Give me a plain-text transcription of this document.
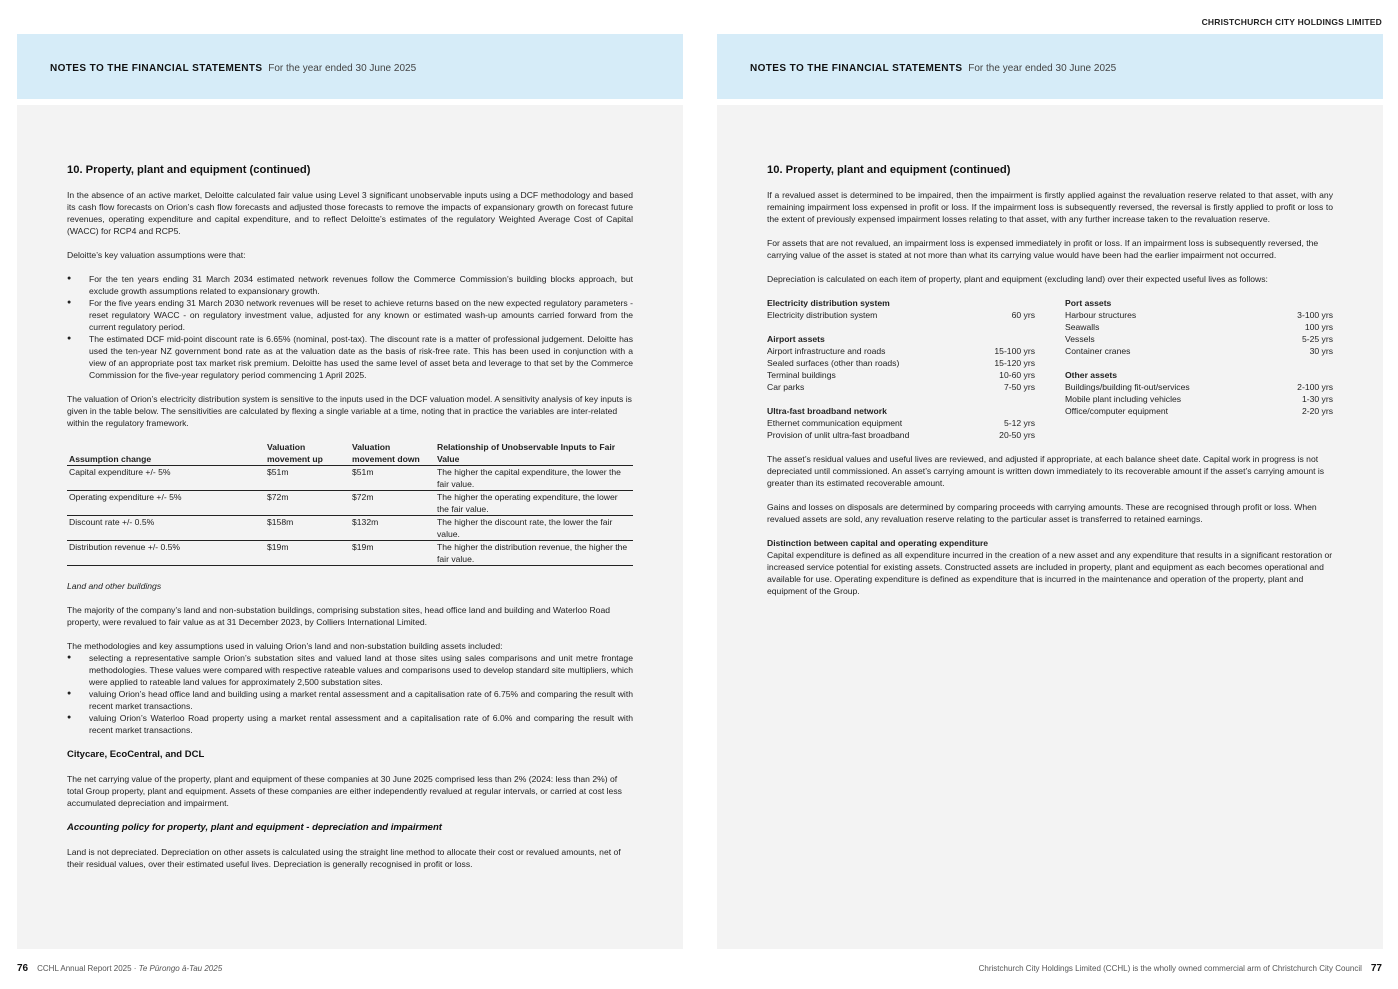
CHRISTCHURCH CITY HOLDINGS LIMITED
NOTES TO THE FINANCIAL STATEMENTS For the year ended 30 June 2025
10. Property, plant and equipment (continued)

In the absence of an active market, Deloitte calculated fair value using Level 3 significant unobservable inputs using a DCF methodology and based its cash flow forecasts on Orion’s cash flow forecasts and adjusted those forecasts to remove the impacts of expansionary growth on forecast future revenues, operating expenditure and capital expenditure, and to reflect Deloitte’s estimates of the regulatory Weighted Average Cost of Capital (WACC) for RCP4 and RCP5.

Deloitte’s key valuation assumptions were that:

● For the ten years ending 31 March 2034 estimated network revenues follow the Commerce Commission’s building blocks approach, but exclude growth assumptions related to expansionary growth.
● For the five years ending 31 March 2030 network revenues will be reset to achieve returns based on the new expected regulatory parameters - reset regulatory WACC - on regulatory investment value, adjusted for any known or estimated wash-up amounts carried forward from the current regulatory period.
● The estimated DCF mid-point discount rate is 6.65% (nominal, post-tax). The discount rate is a matter of professional judgement. Deloitte has used the ten-year NZ government bond rate as at the valuation date as the basis of risk-free rate. This has been used in conjunction with a view of an appropriate post tax market risk premium. Deloitte has used the same level of asset beta and leverage to that set by the Commerce Commission for the five-year regulatory period commencing 1 April 2025.

The valuation of Orion’s electricity distribution system is sensitive to the inputs used in the DCF valuation model. A sensitivity analysis of key inputs is given in the table below. The sensitivities are calculated by flexing a single variable at a time, noting that in practice the variables are inter-related within the regulatory framework.

Assumption change	Valuation movement up	Valuation movement down	Relationship of Unobservable Inputs to Fair Value
Capital expenditure +/- 5%	$51m	$51m	The higher the capital expenditure, the lower the fair value.
Operating expenditure +/- 5%	$72m	$72m	The higher the operating expenditure, the lower the fair value.
Discount rate +/- 0.5%	$158m	$132m	The higher the discount rate, the lower the fair value.
Distribution revenue +/- 0.5%	$19m	$19m	The higher the distribution revenue, the higher the fair value.

Land and other buildings

The majority of the company’s land and non-substation buildings, comprising substation sites, head office land and building and Waterloo Road property, were revalued to fair value as at 31 December 2023, by Colliers International Limited.

The methodologies and key assumptions used in valuing Orion’s land and non-substation building assets included:

● selecting a representative sample Orion’s substation sites and valued land at those sites using sales comparisons and unit metre frontage methodologies. These values were compared with respective rateable values and comparisons used to develop standard site multipliers, which were applied to rateable land values for approximately 2,500 substation sites.
● valuing Orion’s head office land and building using a market rental assessment and a capitalisation rate of 6.75% and comparing the result with recent market transactions.
● valuing Orion’s Waterloo Road property using a market rental assessment and a capitalisation rate of 6.0% and comparing the result with recent market transactions.
Citycare, EcoCentral, and DCL

The net carrying value of the property, plant and equipment of these companies at 30 June 2025 comprised less than 2% (2024: less than 2%) of total Group property, plant and equipment. Assets of these companies are either independently revalued at regular intervals, or carried at cost less accumulated depreciation and impairment.

Accounting policy for property, plant and equipment - depreciation and impairment

Land is not depreciated. Depreciation on other assets is calculated using the straight line method to allocate their cost or revalued amounts, net of their residual values, over their estimated useful lives. Depreciation is generally recognised in profit or loss.

NOTES TO THE FINANCIAL STATEMENTS For the year ended 30 June 2025
10. Property, plant and equipment (continued)

If a revalued asset is determined to be impaired, then the impairment is firstly applied against the revaluation reserve related to that asset, with any remaining impairment loss expensed in profit or loss. If the impairment loss is subsequently reversed, the reversal is firstly applied to profit or loss to the extent of previously expensed impairment losses relating to that asset, with any further increase taken to the revaluation reserve.

For assets that are not revalued, an impairment loss is expensed immediately in profit or loss. If an impairment loss is subsequently reversed, the carrying value of the asset is stated at not more than what its carrying value would have been had the earlier impairment not occurred.

Depreciation is calculated on each item of property, plant and equipment (excluding land) over their expected useful lives as follows:

Electricity distribution system
Electricity distribution system	60 yrs
Airport assets
Airport infrastructure and roads	15-100 yrs
Sealed surfaces (other than roads)	15-120 yrs
Terminal buildings	10-60 yrs
Car parks	7-50 yrs
Ultra-fast broadband network
Ethernet communication equipment	5-12 yrs
Provision of unlit ultra-fast broadband	20-50 yrs
Port assets
Harbour structures	3-100 yrs
Seawalls	100 yrs
Vessels	5-25 yrs
Container cranes	30 yrs
Other assets
Buildings/building fit-out/services	2-100 yrs
Mobile plant including vehicles	1-30 yrs
Office/computer equipment	2-20 yrs

The asset’s residual values and useful lives are reviewed, and adjusted if appropriate, at each balance sheet date. Capital work in progress is not depreciated until commissioned. An asset’s carrying amount is written down immediately to its recoverable amount if the asset’s carrying amount is greater than its estimated recoverable amount.

Gains and losses on disposals are determined by comparing proceeds with carrying amounts. These are recognised through profit or loss. When revalued assets are sold, any revaluation reserve relating to the particular asset is transferred to retained earnings.

Distinction between capital and operating expenditure

Capital expenditure is defined as all expenditure incurred in the creation of a new asset and any expenditure that results in a significant restoration or increased service potential for existing assets. Constructed assets are included in property, plant and equipment as each becomes operational and available for use. Operating expenditure is defined as expenditure that is incurred in the maintenance and operation of the property, plant and equipment of the Group.

76 CCHL Annual Report 2025 · Te Pūrongo ā-Tau 2025	Christchurch City Holdings Limited (CCHL) is the wholly owned commercial arm of Christchurch City Council 77
